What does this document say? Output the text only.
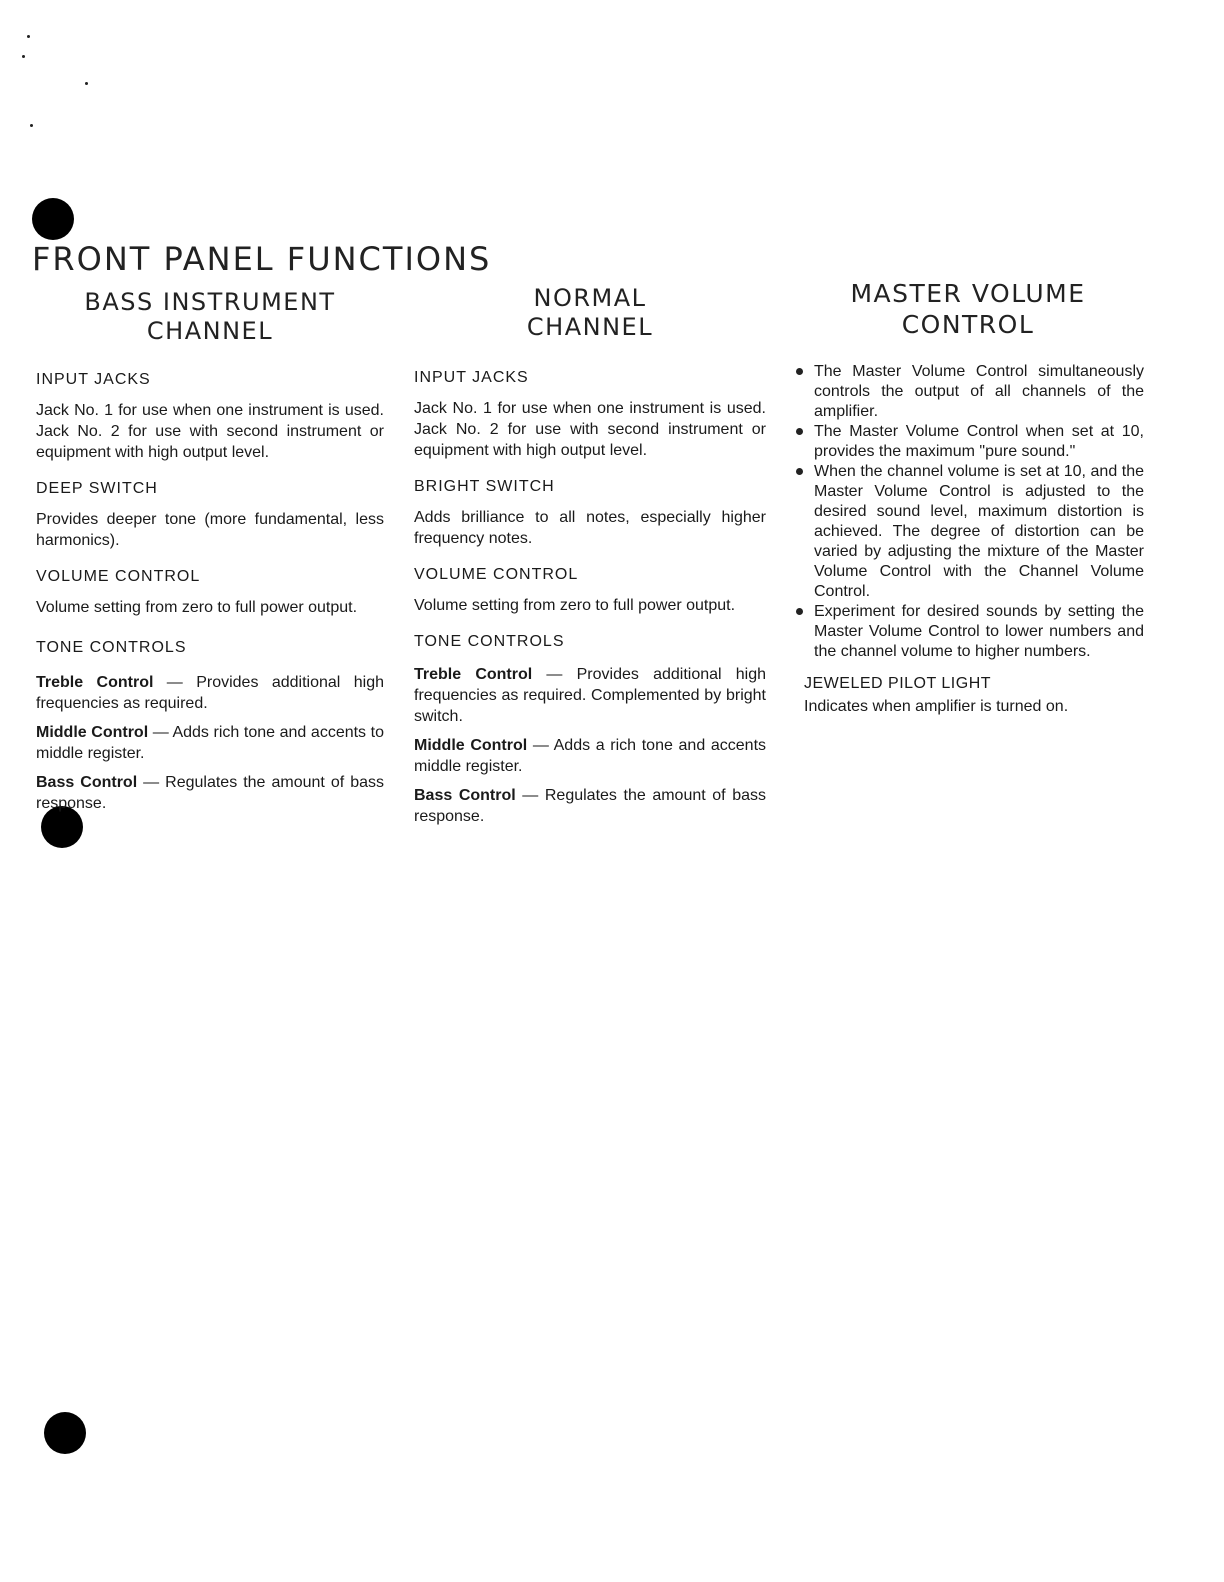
FRONT PANEL FUNCTIONS
BASS INSTRUMENT
CHANNEL
INPUT JACKS

Jack No. 1 for use when one instrument is used. Jack No. 2 for use with second instrument or equipment with high output level.

DEEP SWITCH

Provides deeper tone (more fundamental, less harmonics).

VOLUME CONTROL

Volume setting from zero to full power output.

TONE CONTROLS

Treble Control — Provides additional high frequencies as required.

Middle Control — Adds rich tone and accents to middle register.

Bass Control — Regulates the amount of bass response.

NORMAL
CHANNEL
INPUT JACKS

Jack No. 1 for use when one instrument is used. Jack No. 2 for use with second instrument or equipment with high output level.

BRIGHT SWITCH

Adds brilliance to all notes, especially higher frequency notes.

VOLUME CONTROL

Volume setting from zero to full power output.

TONE CONTROLS

Treble Control — Provides additional high frequencies as required. Complemented by bright switch.

Middle Control — Adds a rich tone and accents middle register.

Bass Control — Regulates the amount of bass response.

MASTER VOLUME
CONTROL
The Master Volume Control simultaneously controls the output of all channels of the amplifier.
The Master Volume Control when set at 10, provides the maximum "pure sound."
When the channel volume is set at 10, and the Master Volume Control is adjusted to the desired sound level, maximum distortion is achieved. The degree of distortion can be varied by adjusting the mixture of the Master Volume Control with the Channel Volume Control.
Experiment for desired sounds by setting the Master Volume Control to lower numbers and the channel volume to higher numbers.
JEWELED PILOT LIGHT

Indicates when amplifier is turned on.
